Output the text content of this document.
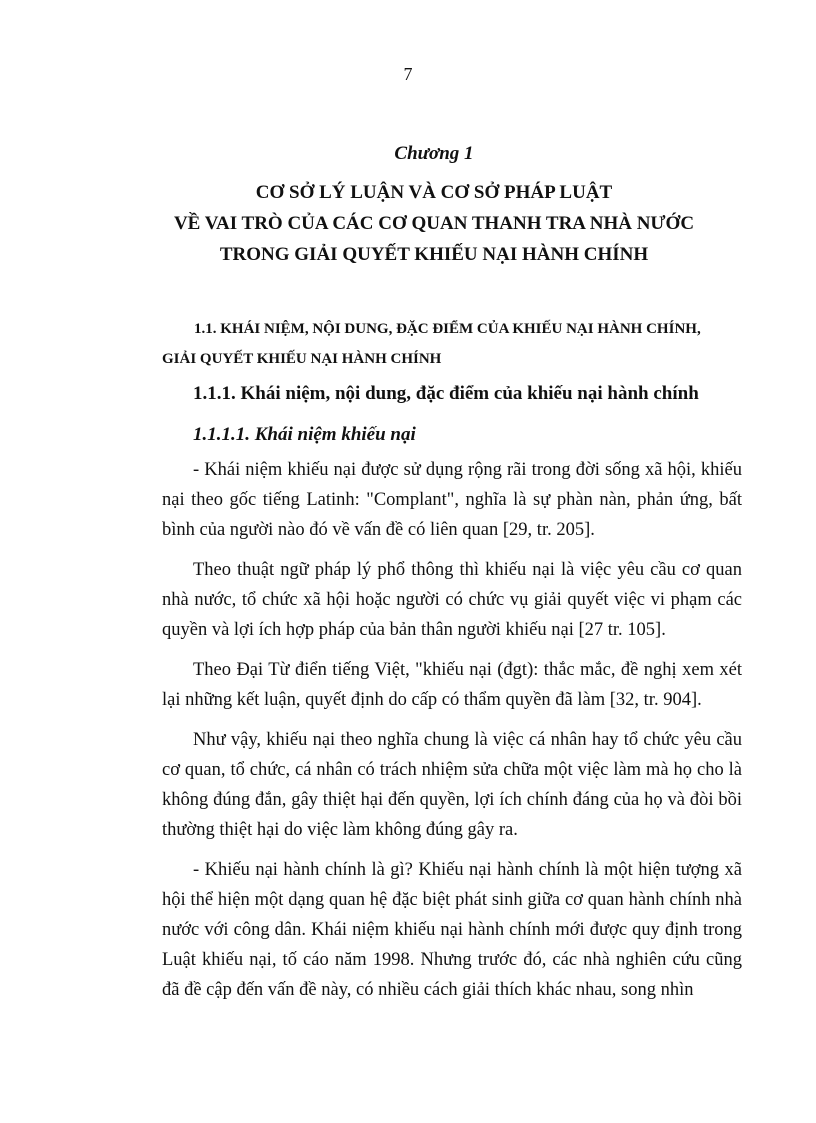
7
Chương 1
CƠ SỞ LÝ LUẬN VÀ CƠ SỞ PHÁP LUẬT
VỀ VAI TRÒ CỦA CÁC CƠ QUAN THANH TRA NHÀ NƯỚC
TRONG GIẢI QUYẾT KHIẾU NẠI HÀNH CHÍNH
1.1. KHÁI NIỆM, NỘI DUNG, ĐẶC ĐIỂM CỦA KHIẾU NẠI HÀNH CHÍNH,
GIẢI QUYẾT KHIẾU NẠI HÀNH CHÍNH
1.1.1. Khái niệm, nội dung, đặc điểm của khiếu nại hành chính
1.1.1.1. Khái niệm khiếu nại

- Khái niệm khiếu nại được sử dụng rộng rãi trong đời sống xã hội, khiếu nại theo gốc tiếng Latinh: "Complant", nghĩa là sự phàn nàn, phản ứng, bất bình của người nào đó về vấn đề có liên quan [29, tr. 205].

Theo thuật ngữ pháp lý phổ thông thì khiếu nại là việc yêu cầu cơ quan nhà nước, tổ chức xã hội hoặc người có chức vụ giải quyết việc vi phạm các quyền và lợi ích hợp pháp của bản thân người khiếu nại [27 tr. 105].

Theo Đại Từ điển tiếng Việt, "khiếu nại (đgt): thắc mắc, đề nghị xem xét lại những kết luận, quyết định do cấp có thẩm quyền đã làm [32, tr. 904].

Như vậy, khiếu nại theo nghĩa chung là việc cá nhân hay tổ chức yêu cầu cơ quan, tổ chức, cá nhân có trách nhiệm sửa chữa một việc làm mà họ cho là không đúng đắn, gây thiệt hại đến quyền, lợi ích chính đáng của họ và đòi bồi thường thiệt hại do việc làm không đúng gây ra.

- Khiếu nại hành chính là gì? Khiếu nại hành chính là một hiện tượng xã hội thể hiện một dạng quan hệ đặc biệt phát sinh giữa cơ quan hành chính nhà nước với công dân. Khái niệm khiếu nại hành chính mới được quy định trong Luật khiếu nại, tố cáo năm 1998. Nhưng trước đó, các nhà nghiên cứu cũng đã đề cập đến vấn đề này, có nhiều cách giải thích khác nhau, song nhìn
